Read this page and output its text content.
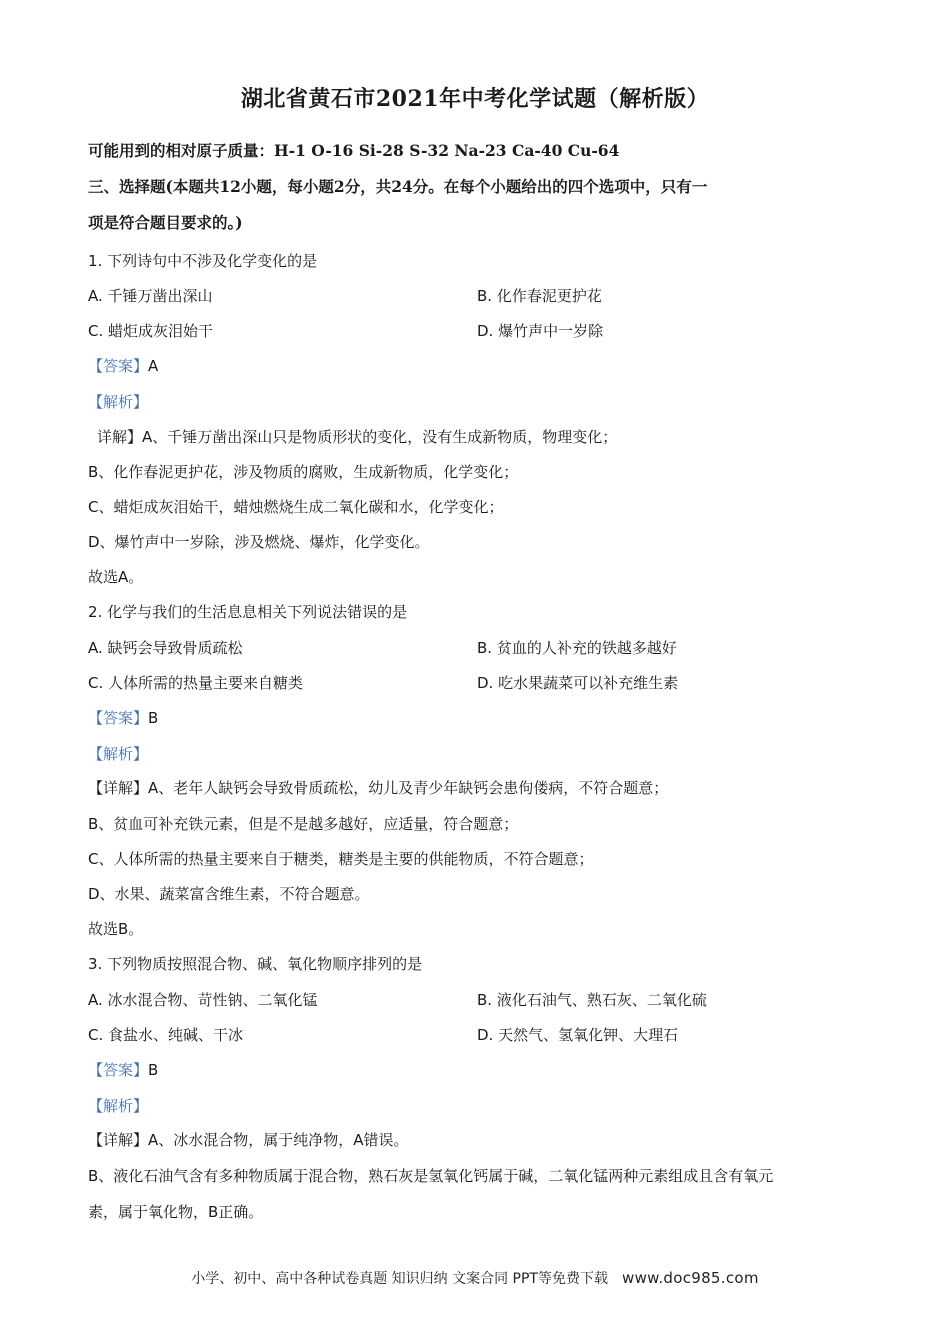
湖北省黄石市2021年中考化学试题（解析版）
可能用到的相对原子质量：H-1 O-16 Si-28 S-32 Na-23 Ca-40 Cu-64
三、选择题(本题共12小题，每小题2分，共24分。在每个小题给出的四个选项中，只有一
项是符合题目要求的。)
1. 下列诗句中不涉及化学变化的是
A. 千锤万凿出深山	B. 化作春泥更护花
C. 蜡炬成灰泪始干	D. 爆竹声中一岁除
【答案】A
【解析】
详解】A、千锤万凿出深山只是物质形状的变化，没有生成新物质，物理变化；
B、化作春泥更护花，涉及物质的腐败，生成新物质，化学变化；
C、蜡炬成灰泪始干，蜡烛燃烧生成二氧化碳和水，化学变化；
D、爆竹声中一岁除，涉及燃烧、爆炸，化学变化。
故选A。
2. 化学与我们的生活息息相关下列说法错误的是
A. 缺钙会导致骨质疏松	B. 贫血的人补充的铁越多越好
C. 人体所需的热量主要来自糖类	D. 吃水果蔬菜可以补充维生素
【答案】B
【解析】
【详解】A、老年人缺钙会导致骨质疏松，幼儿及青少年缺钙会患佝偻病，不符合题意；
B、贫血可补充铁元素，但是不是越多越好，应适量，符合题意；
C、人体所需的热量主要来自于糖类，糖类是主要的供能物质，不符合题意；
D、水果、蔬菜富含维生素，不符合题意。
故选B。
3. 下列物质按照混合物、碱、氧化物顺序排列的是
A. 冰水混合物、苛性钠、二氧化锰	B. 液化石油气、熟石灰、二氧化硫
C. 食盐水、纯碱、干冰	D. 天然气、氢氧化钾、大理石
【答案】B
【解析】
【详解】A、冰水混合物，属于纯净物，A错误。
B、液化石油气含有多种物质属于混合物，熟石灰是氢氧化钙属于碱，二氧化锰两种元素组成且含有氧元
素，属于氧化物，B正确。
小学、初中、高中各种试卷真题 知识归纳 文案合同 PPT等免费下载 www.doc985.com
